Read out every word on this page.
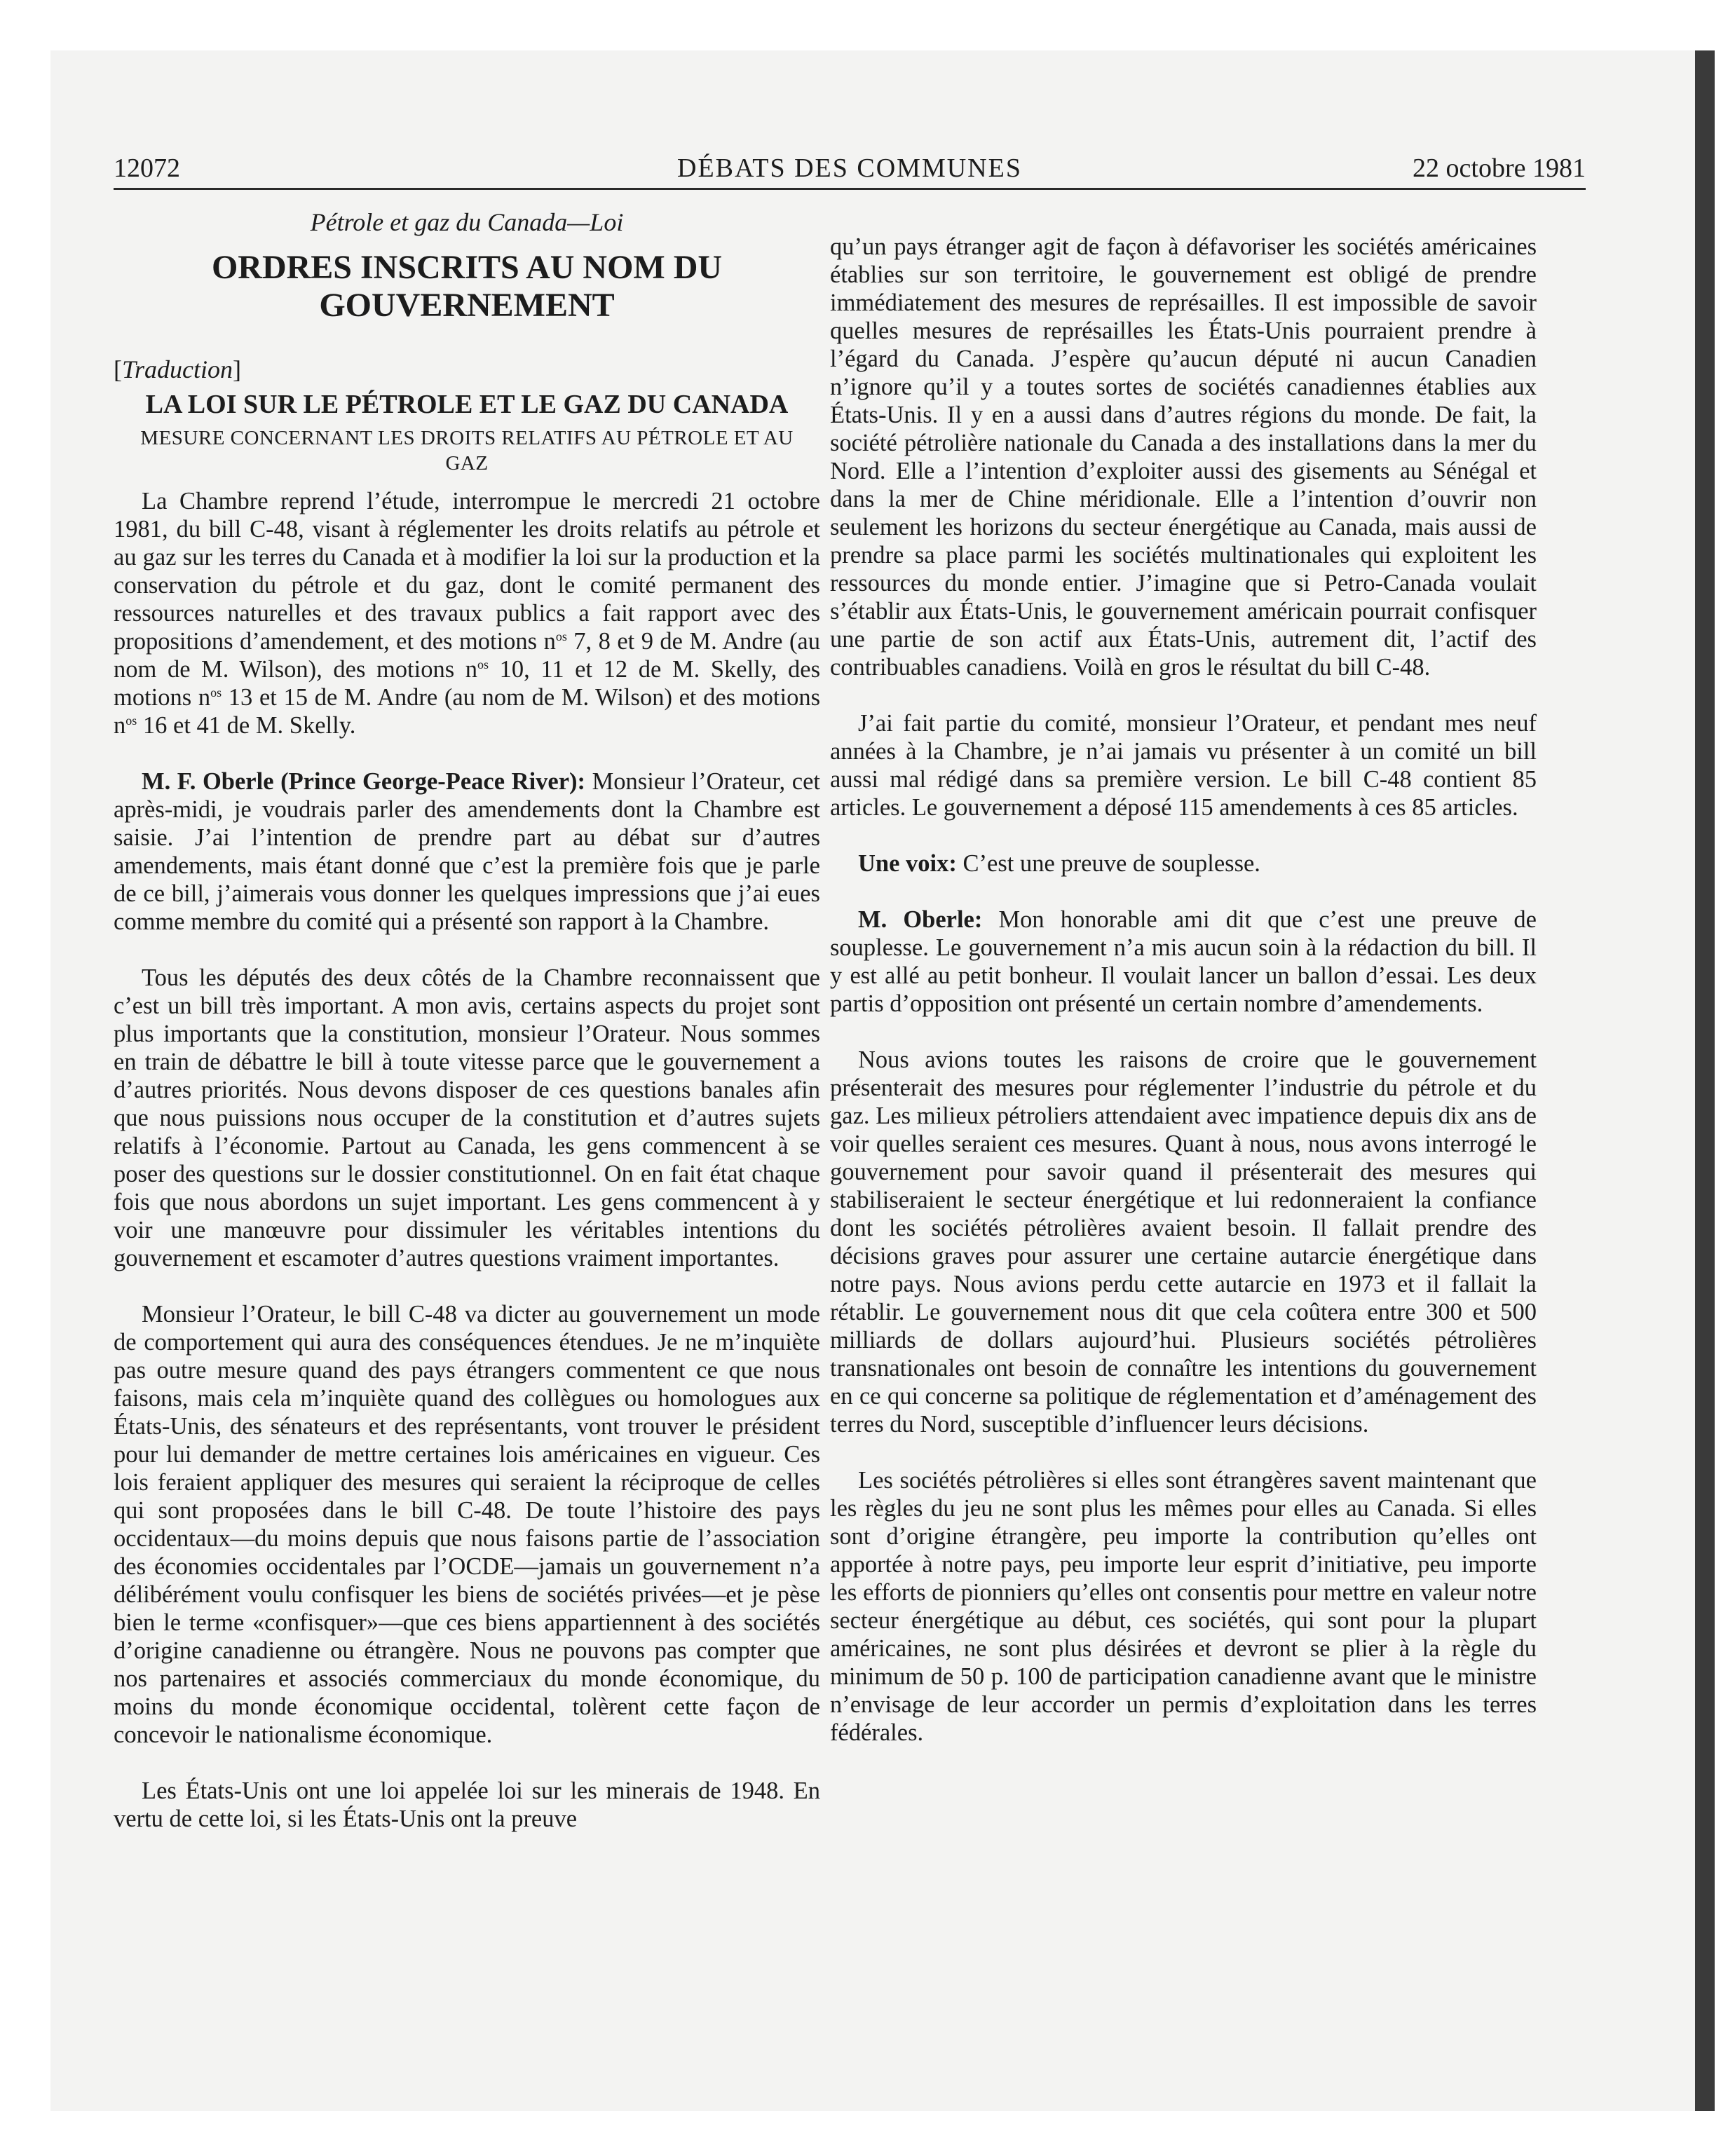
12072	DÉBATS DES COMMUNES	22 octobre 1981
Pétrole et gaz du Canada—Loi
ORDRES INSCRITS AU NOM DU GOUVERNEMENT
[Traduction]
LA LOI SUR LE PÉTROLE ET LE GAZ DU CANADA
MESURE CONCERNANT LES DROITS RELATIFS AU PÉTROLE ET AU GAZ

La Chambre reprend l’étude, interrompue le mercredi 21 octobre 1981, du bill C-48, visant à réglementer les droits relatifs au pétrole et au gaz sur les terres du Canada et à modifier la loi sur la production et la conservation du pétrole et du gaz, dont le comité permanent des ressources naturelles et des travaux publics a fait rapport avec des propositions d’amendement, et des motions $n^{os}$ 7, 8 et 9 de M. Andre (au nom de M. Wilson), des motions $n^{os}$ 10, 11 et 12 de M. Skelly, des motions $n^{os}$ 13 et 15 de M. Andre (au nom de M. Wilson) et des motions $n^{os}$ 16 et 41 de M. Skelly.

M. F. Oberle (Prince George-Peace River): Monsieur l’Orateur, cet après-midi, je voudrais parler des amendements dont la Chambre est saisie. J’ai l’intention de prendre part au débat sur d’autres amendements, mais étant donné que c’est la première fois que je parle de ce bill, j’aimerais vous donner les quelques impressions que j’ai eues comme membre du comité qui a présenté son rapport à la Chambre.

Tous les députés des deux côtés de la Chambre reconnaissent que c’est un bill très important. A mon avis, certains aspects du projet sont plus importants que la constitution, monsieur l’Orateur. Nous sommes en train de débattre le bill à toute vitesse parce que le gouvernement a d’autres priorités. Nous devons disposer de ces questions banales afin que nous puissions nous occuper de la constitution et d’autres sujets relatifs à l’économie. Partout au Canada, les gens commencent à se poser des questions sur le dossier constitutionnel. On en fait état chaque fois que nous abordons un sujet important. Les gens commencent à y voir une manœuvre pour dissimuler les véritables intentions du gouvernement et escamoter d’autres questions vraiment importantes.

Monsieur l’Orateur, le bill C-48 va dicter au gouvernement un mode de comportement qui aura des conséquences étendues. Je ne m’inquiète pas outre mesure quand des pays étrangers commentent ce que nous faisons, mais cela m’inquiète quand des collègues ou homologues aux États-Unis, des sénateurs et des représentants, vont trouver le président pour lui demander de mettre certaines lois américaines en vigueur. Ces lois feraient appliquer des mesures qui seraient la réciproque de celles qui sont proposées dans le bill C-48. De toute l’histoire des pays occidentaux—du moins depuis que nous faisons partie de l’association des économies occidentales par l’OCDE—jamais un gouvernement n’a délibérément voulu confisquer les biens de sociétés privées—et je pèse bien le terme «confisquer»—que ces biens appartiennent à des sociétés d’origine canadienne ou étrangère. Nous ne pouvons pas compter que nos partenaires et associés commerciaux du monde économique, du moins du monde économique occidental, tolèrent cette façon de concevoir le nationalisme économique.

Les États-Unis ont une loi appelée loi sur les minerais de 1948. En vertu de cette loi, si les États-Unis ont la preuve

qu’un pays étranger agit de façon à défavoriser les sociétés américaines établies sur son territoire, le gouvernement est obligé de prendre immédiatement des mesures de représailles. Il est impossible de savoir quelles mesures de représailles les États-Unis pourraient prendre à l’égard du Canada. J’espère qu’aucun député ni aucun Canadien n’ignore qu’il y a toutes sortes de sociétés canadiennes établies aux États-Unis. Il y en a aussi dans d’autres régions du monde. De fait, la société pétrolière nationale du Canada a des installations dans la mer du Nord. Elle a l’intention d’exploiter aussi des gisements au Sénégal et dans la mer de Chine méridionale. Elle a l’intention d’ouvrir non seulement les horizons du secteur énergétique au Canada, mais aussi de prendre sa place parmi les sociétés multinationales qui exploitent les ressources du monde entier. J’imagine que si Petro-Canada voulait s’établir aux États-Unis, le gouvernement américain pourrait confisquer une partie de son actif aux États-Unis, autrement dit, l’actif des contribuables canadiens. Voilà en gros le résultat du bill C-48.

J’ai fait partie du comité, monsieur l’Orateur, et pendant mes neuf années à la Chambre, je n’ai jamais vu présenter à un comité un bill aussi mal rédigé dans sa première version. Le bill C-48 contient 85 articles. Le gouvernement a déposé 115 amendements à ces 85 articles.

Une voix: C’est une preuve de souplesse.

M. Oberle: Mon honorable ami dit que c’est une preuve de souplesse. Le gouvernement n’a mis aucun soin à la rédaction du bill. Il y est allé au petit bonheur. Il voulait lancer un ballon d’essai. Les deux partis d’opposition ont présenté un certain nombre d’amendements.

Nous avions toutes les raisons de croire que le gouvernement présenterait des mesures pour réglementer l’industrie du pétrole et du gaz. Les milieux pétroliers attendaient avec impatience depuis dix ans de voir quelles seraient ces mesures. Quant à nous, nous avons interrogé le gouvernement pour savoir quand il présenterait des mesures qui stabiliseraient le secteur énergétique et lui redonneraient la confiance dont les sociétés pétrolières avaient besoin. Il fallait prendre des décisions graves pour assurer une certaine autarcie énergétique dans notre pays. Nous avions perdu cette autarcie en 1973 et il fallait la rétablir. Le gouvernement nous dit que cela coûtera entre 300 et 500 milliards de dollars aujourd’hui. Plusieurs sociétés pétrolières transnationales ont besoin de connaître les intentions du gouvernement en ce qui concerne sa politique de réglementation et d’aménagement des terres du Nord, susceptible d’influencer leurs décisions.

Les sociétés pétrolières si elles sont étrangères savent maintenant que les règles du jeu ne sont plus les mêmes pour elles au Canada. Si elles sont d’origine étrangère, peu importe la contribution qu’elles ont apportée à notre pays, peu importe leur esprit d’initiative, peu importe les efforts de pionniers qu’elles ont consentis pour mettre en valeur notre secteur énergétique au début, ces sociétés, qui sont pour la plupart américaines, ne sont plus désirées et devront se plier à la règle du minimum de 50 p. 100 de participation canadienne avant que le ministre n’envisage de leur accorder un permis d’exploitation dans les terres fédérales.
